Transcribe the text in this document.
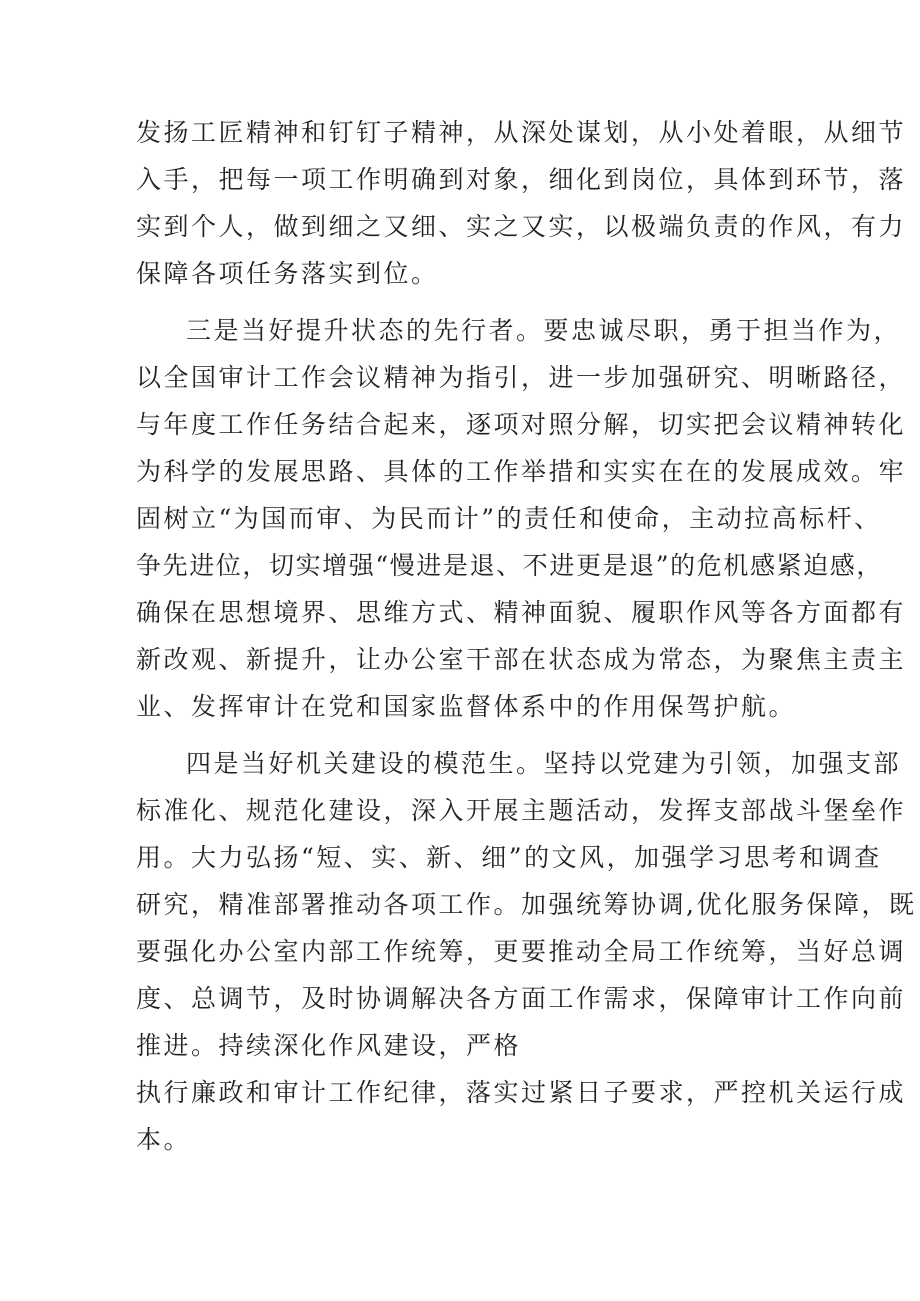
发扬工匠精神和钉钉子精神，从深处谋划，从小处着眼，从细节
入手，把每一项工作明确到对象，细化到岗位，具体到环节，落
实到个人，做到细之又细、实之又实，以极端负责的作风，有力
保障各项任务落实到位。
三是当好提升状态的先行者。要忠诚尽职，勇于担当作为，
以全国审计工作会议精神为指引，进一步加强研究、明晰路径，
与年度工作任务结合起来，逐项对照分解，切实把会议精神转化
为科学的发展思路、具体的工作举措和实实在在的发展成效。牢
固树立“为国而审、为民而计”的责任和使命，主动拉高标杆、
争先进位，切实增强“慢进是退、不进更是退”的危机感紧迫感，
确保在思想境界、思维方式、精神面貌、履职作风等各方面都有
新改观、新提升，让办公室干部在状态成为常态，为聚焦主责主
业、发挥审计在党和国家监督体系中的作用保驾护航。
四是当好机关建设的模范生。坚持以党建为引领，加强支部
标准化、规范化建设，深入开展主题活动，发挥支部战斗堡垒作
用。大力弘扬“短、实、新、细”的文风，加强学习思考和调查
研究，精准部署推动各项工作。加强统筹协调,优化服务保障，既
要强化办公室内部工作统筹，更要推动全局工作统筹，当好总调
度、总调节，及时协调解决各方面工作需求，保障审计工作向前
推进。持续深化作风建设，严格
执行廉政和审计工作纪律，落实过紧日子要求，严控机关运行成
本。
